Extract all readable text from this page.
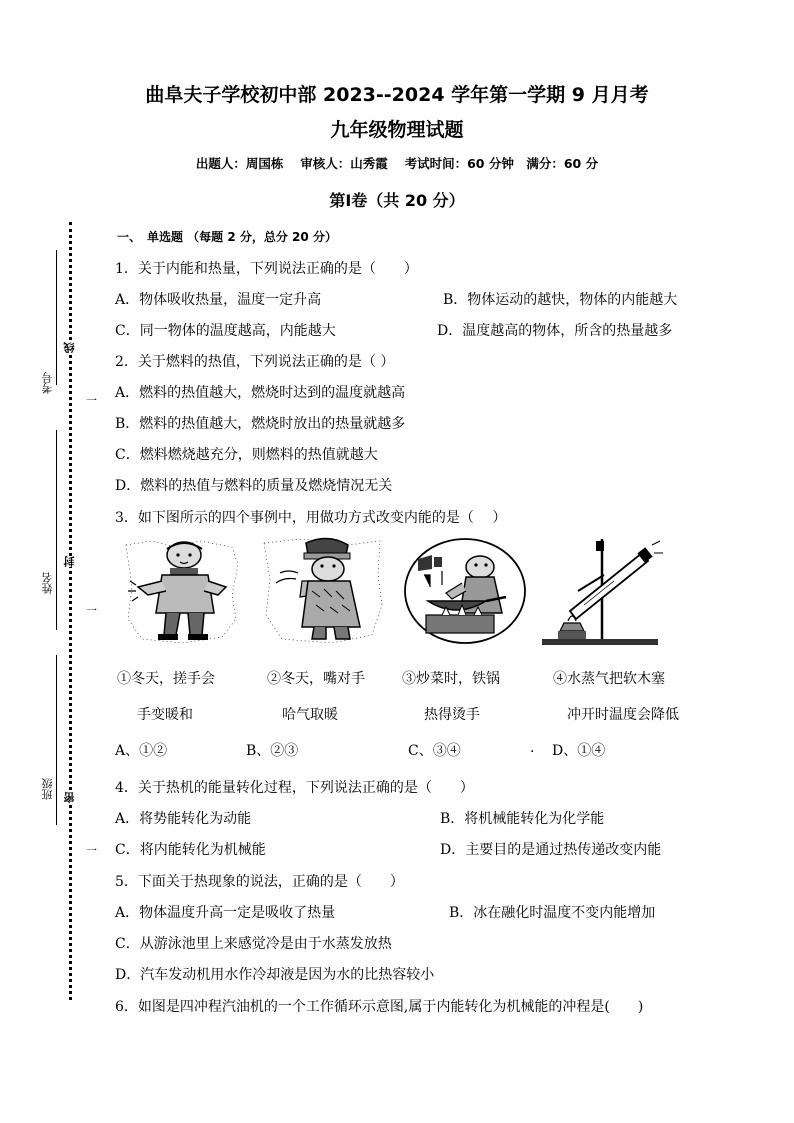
曲阜夫子学校初中部 2023--2024 学年第一学期 9 月月考
九年级物理试题
出题人：周国栋　 审核人：山秀霞　 考试时间：60 分钟　满分：60 分
第Ⅰ卷（共 20 分）
考号
姓名
班级
线
封
密
一
一
一
一、　单选题 （每题 2 分，总分 20 分）
1．关于内能和热量，下列说法正确的是（　　）
A．物体吸收热量，温度一定升高	B．物体运动的越快，物体的内能越大
C．同一物体的温度越高，内能越大	D．温度越高的物体，所含的热量越多
2．关于燃料的热值，下列说法正确的是（ ）
A．燃料的热值越大，燃烧时达到的温度就越高
B．燃料的热值越大，燃烧时放出的热量就越多
C．燃料燃烧越充分，则燃料的热值就越大
D．燃料的热值与燃料的质量及燃烧情况无关
3．如下图所示的四个事例中，用做功方式改变内能的是（　 ）
①冬天，搓手会
手变暖和
②冬天，嘴对手
哈气取暖
③炒菜时，铁锅
热得烫手
④水蒸气把软木塞
冲开时温度会降低
A、①②	B、②③	C、③④	. D、①④
4．关于热机的能量转化过程，下列说法正确的是（　　）
A．将势能转化为动能	B．将机械能转化为化学能
C．将内能转化为机械能	D．主要目的是通过热传递改变内能
5．下面关于热现象的说法，正确的是（　　）
A．物体温度升高一定是吸收了热量	B．冰在融化时温度不变内能增加
C．从游泳池里上来感觉冷是由于水蒸发放热
D．汽车发动机用水作冷却液是因为水的比热容较小
6．如图是四冲程汽油机的一个工作循环示意图,属于内能转化为机械能的冲程是(　　)
